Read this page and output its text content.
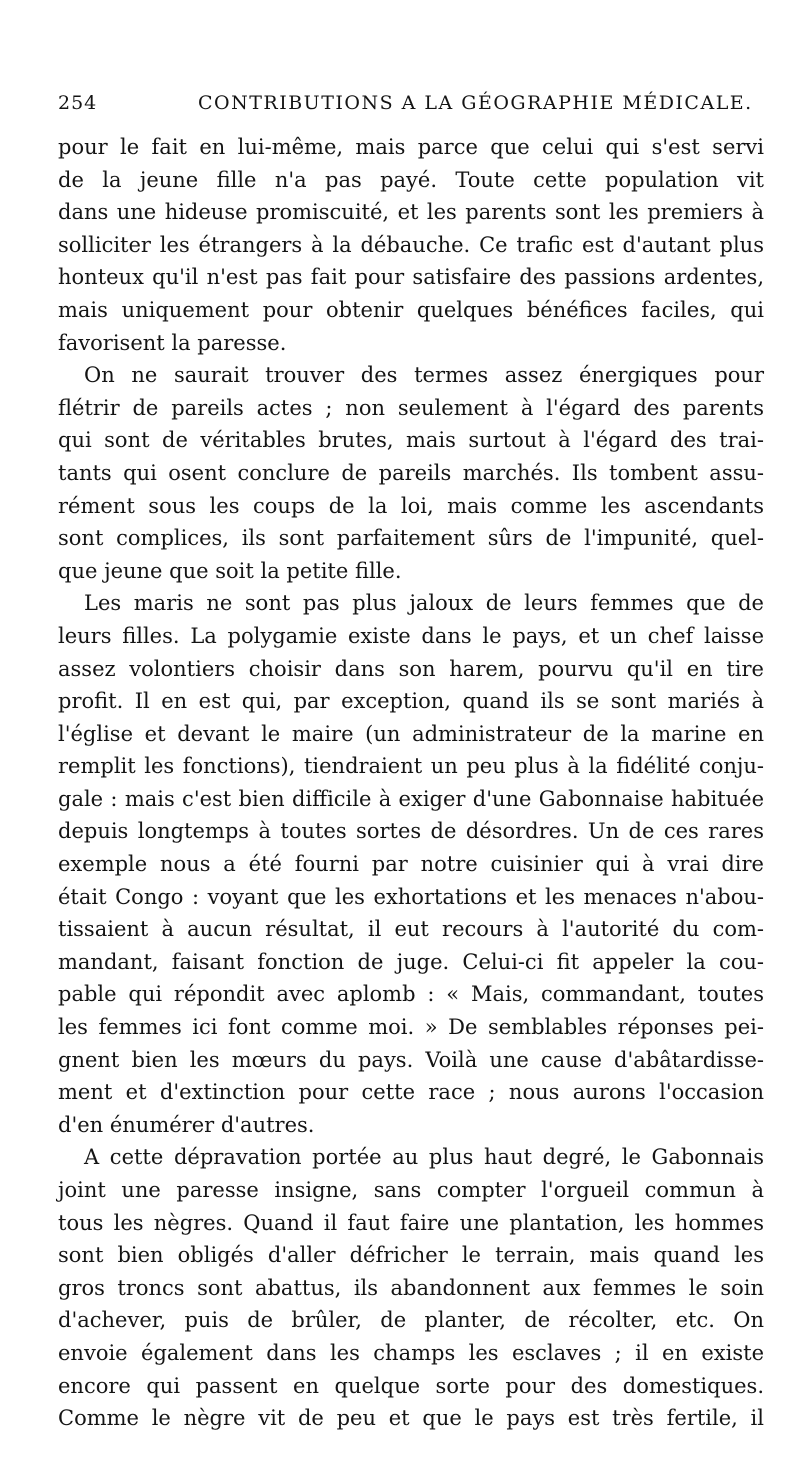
254	CONTRIBUTIONS A LA GÉOGRAPHIE MÉDICALE.
pour le fait en lui-même, mais parce que celui qui s'est servi
de la jeune fille n'a pas payé. Toute cette population vit
dans une hideuse promiscuité, et les parents sont les premiers à
solliciter les étrangers à la débauche. Ce trafic est d'autant plus
honteux qu'il n'est pas fait pour satisfaire des passions ardentes,
mais uniquement pour obtenir quelques bénéfices faciles, qui
favorisent la paresse.
On ne saurait trouver des termes assez énergiques pour
flétrir de pareils actes ; non seulement à l'égard des parents
qui sont de véritables brutes, mais surtout à l'égard des trai-
tants qui osent conclure de pareils marchés. Ils tombent assu-
rément sous les coups de la loi, mais comme les ascendants
sont complices, ils sont parfaitement sûrs de l'impunité, quel-
que jeune que soit la petite fille.
Les maris ne sont pas plus jaloux de leurs femmes que de
leurs filles. La polygamie existe dans le pays, et un chef laisse
assez volontiers choisir dans son harem, pourvu qu'il en tire
profit. Il en est qui, par exception, quand ils se sont mariés à
l'église et devant le maire (un administrateur de la marine en
remplit les fonctions), tiendraient un peu plus à la fidélité conju-
gale : mais c'est bien difficile à exiger d'une Gabonnaise habituée
depuis longtemps à toutes sortes de désordres. Un de ces rares
exemple nous a été fourni par notre cuisinier qui à vrai dire
était Congo : voyant que les exhortations et les menaces n'abou-
tissaient à aucun résultat, il eut recours à l'autorité du com-
mandant, faisant fonction de juge. Celui-ci fit appeler la cou-
pable qui répondit avec aplomb : « Mais, commandant, toutes
les femmes ici font comme moi. » De semblables réponses pei-
gnent bien les mœurs du pays. Voilà une cause d'abâtardisse-
ment et d'extinction pour cette race ; nous aurons l'occasion
d'en énumérer d'autres.
A cette dépravation portée au plus haut degré, le Gabonnais
joint une paresse insigne, sans compter l'orgueil commun à
tous les nègres. Quand il faut faire une plantation, les hommes
sont bien obligés d'aller défricher le terrain, mais quand les
gros troncs sont abattus, ils abandonnent aux femmes le soin
d'achever, puis de brûler, de planter, de récolter, etc. On
envoie également dans les champs les esclaves ; il en existe
encore qui passent en quelque sorte pour des domestiques.
Comme le nègre vit de peu et que le pays est très fertile, il
